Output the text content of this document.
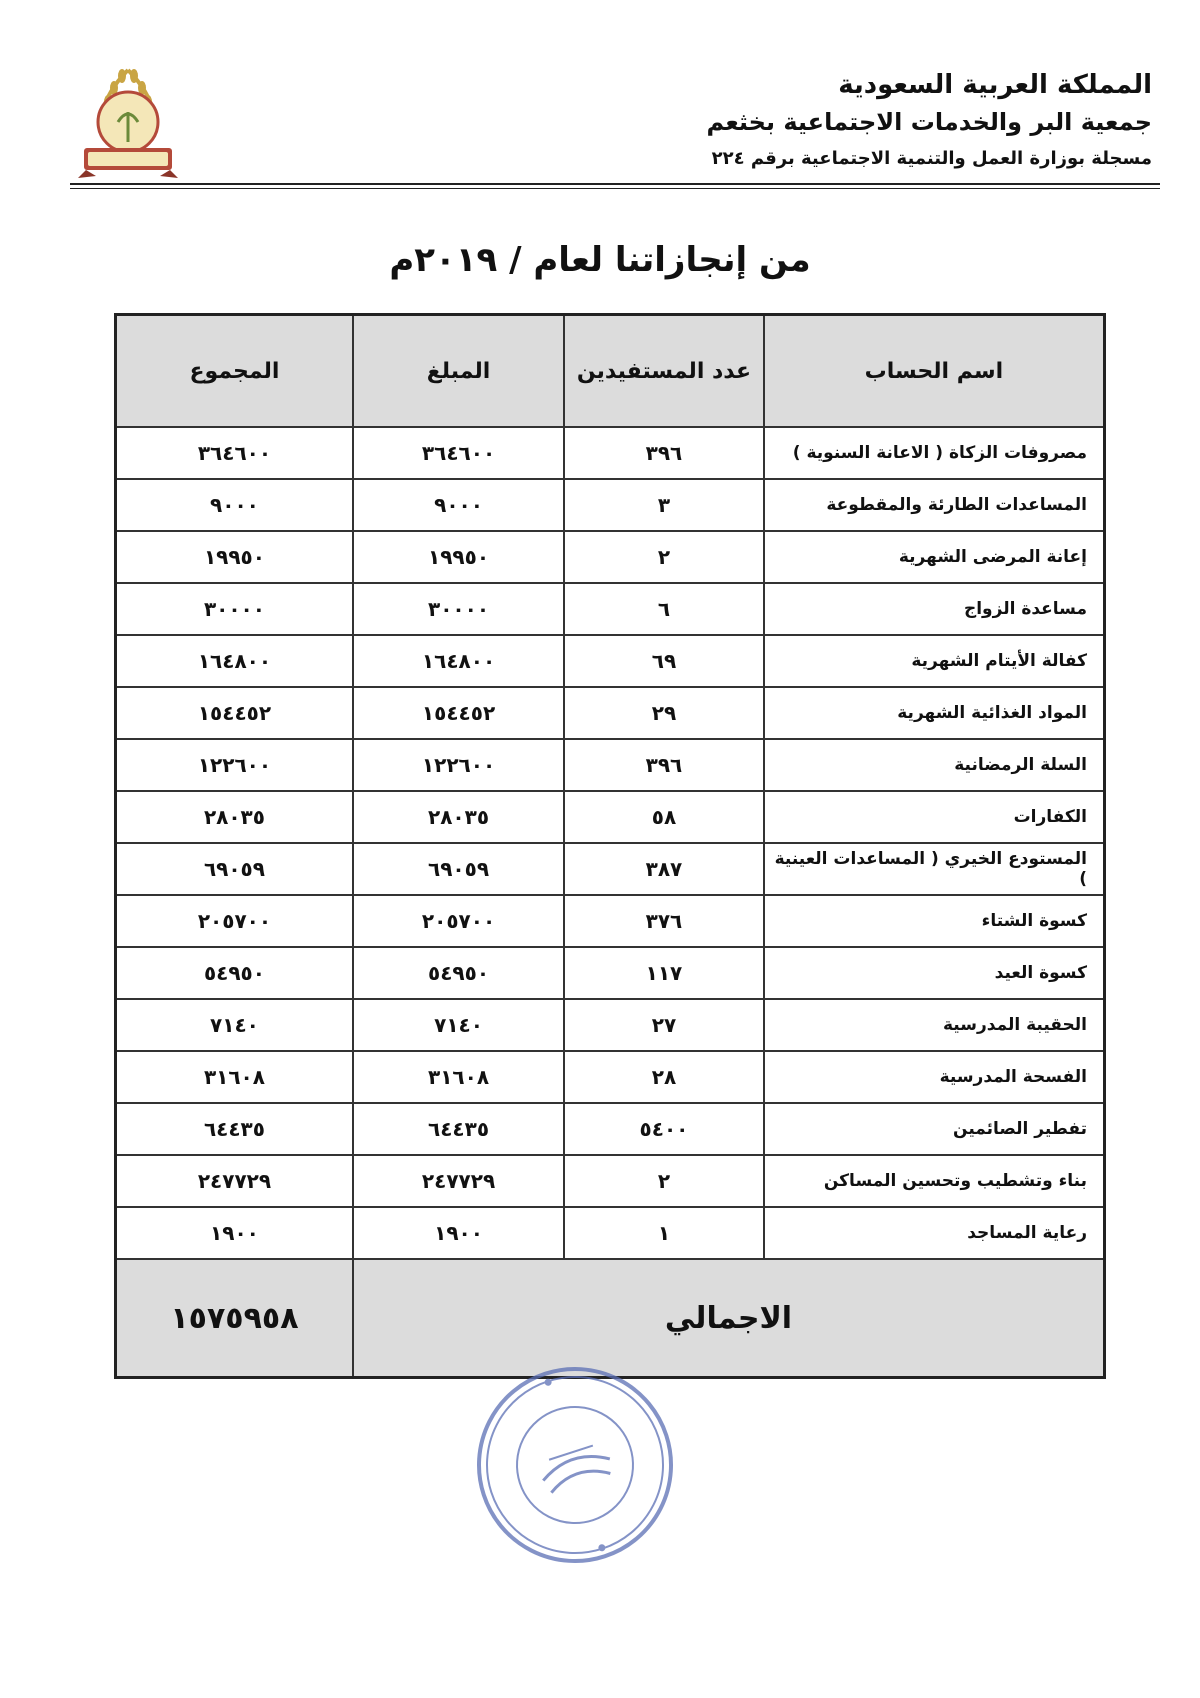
المملكة العربية السعودية
جمعية البر والخدمات الاجتماعية بخثعم
مسجلة بوزارة العمل والتنمية الاجتماعية برقم ٢٢٤
من إنجازاتنا لعام / ٢٠١٩م
اسم الحساب	عدد المستفيدين	المبلغ	المجموع
مصروفات الزكاة ( الاعانة السنوية )	٣٩٦	٣٦٤٦٠٠	٣٦٤٦٠٠
المساعدات الطارئة والمقطوعة	٣	٩٠٠٠	٩٠٠٠
إعانة المرضى الشهرية	٢	١٩٩٥٠	١٩٩٥٠
مساعدة الزواج	٦	٣٠٠٠٠	٣٠٠٠٠
كفالة الأيتام الشهرية	٦٩	١٦٤٨٠٠	١٦٤٨٠٠
المواد الغذائية الشهرية	٢٩	١٥٤٤٥٢	١٥٤٤٥٢
السلة الرمضانية	٣٩٦	١٢٢٦٠٠	١٢٢٦٠٠
الكفارات	٥٨	٢٨٠٣٥	٢٨٠٣٥
المستودع الخيري ( المساعدات العينية )	٣٨٧	٦٩٠٥٩	٦٩٠٥٩
كسوة الشتاء	٣٧٦	٢٠٥٧٠٠	٢٠٥٧٠٠
كسوة العيد	١١٧	٥٤٩٥٠	٥٤٩٥٠
الحقيبة المدرسية	٢٧	٧١٤٠	٧١٤٠
الفسحة المدرسية	٢٨	٣١٦٠٨	٣١٦٠٨
تفطير الصائمين	٥٤٠٠	٦٤٤٣٥	٦٤٤٣٥
بناء وتشطيب وتحسين المساكن	٢	٢٤٧٧٢٩	٢٤٧٧٢٩
رعاية المساجد	١	١٩٠٠	١٩٠٠
الاجمالي			١٥٧٥٩٥٨
